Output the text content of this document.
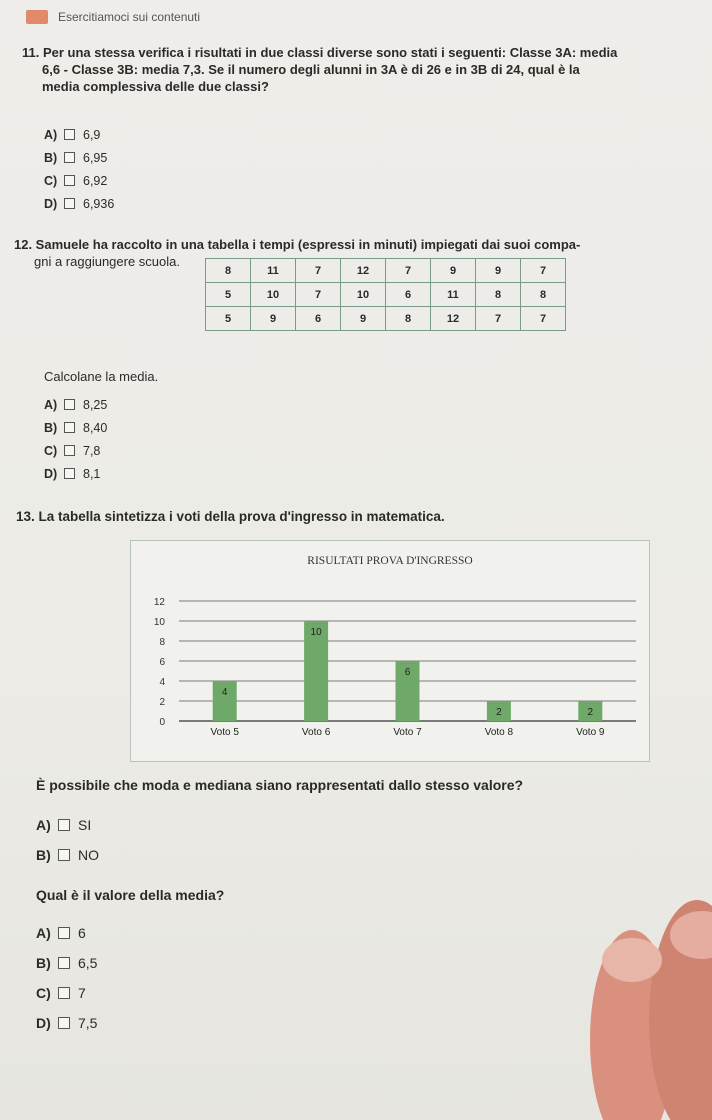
Esercitiamoci sui contenuti
11. Per una stessa verifica i risultati in due classi diverse sono stati i seguenti: Classe 3A: media
6,6 - Classe 3B: media 7,3. Se il numero degli alunni in 3A è di 26 e in 3B di 24, qual è la
media complessiva delle due classi?
A)	6,9
B)	6,95
C)	6,92
D)	6,936
12. Samuele ha raccolto in una tabella i tempi (espressi in minuti) impiegati dai suoi compa-
gni a raggiungere scuola.
8	11	7	12	7	9	9	7
5	10	7	10	6	11	8	8
5	9	6	9	8	12	7	7
Calcolane la media.
A)	8,25
B)	8,40
C)	7,8
D)	8,1
13. La tabella sintetizza i voti della prova d'ingresso in matematica.
RISULTATI PROVA D'INGRESSO
0
2
4
6
8
10
12
4
Voto 5
10
Voto 6
6
Voto 7
2
Voto 8
2
Voto 9
È possibile che moda e mediana siano rappresentati dallo stesso valore?
A)	SI
B)	NO
Qual è il valore della media?
A)	6
B)	6,5
C)	7
D)	7,5
